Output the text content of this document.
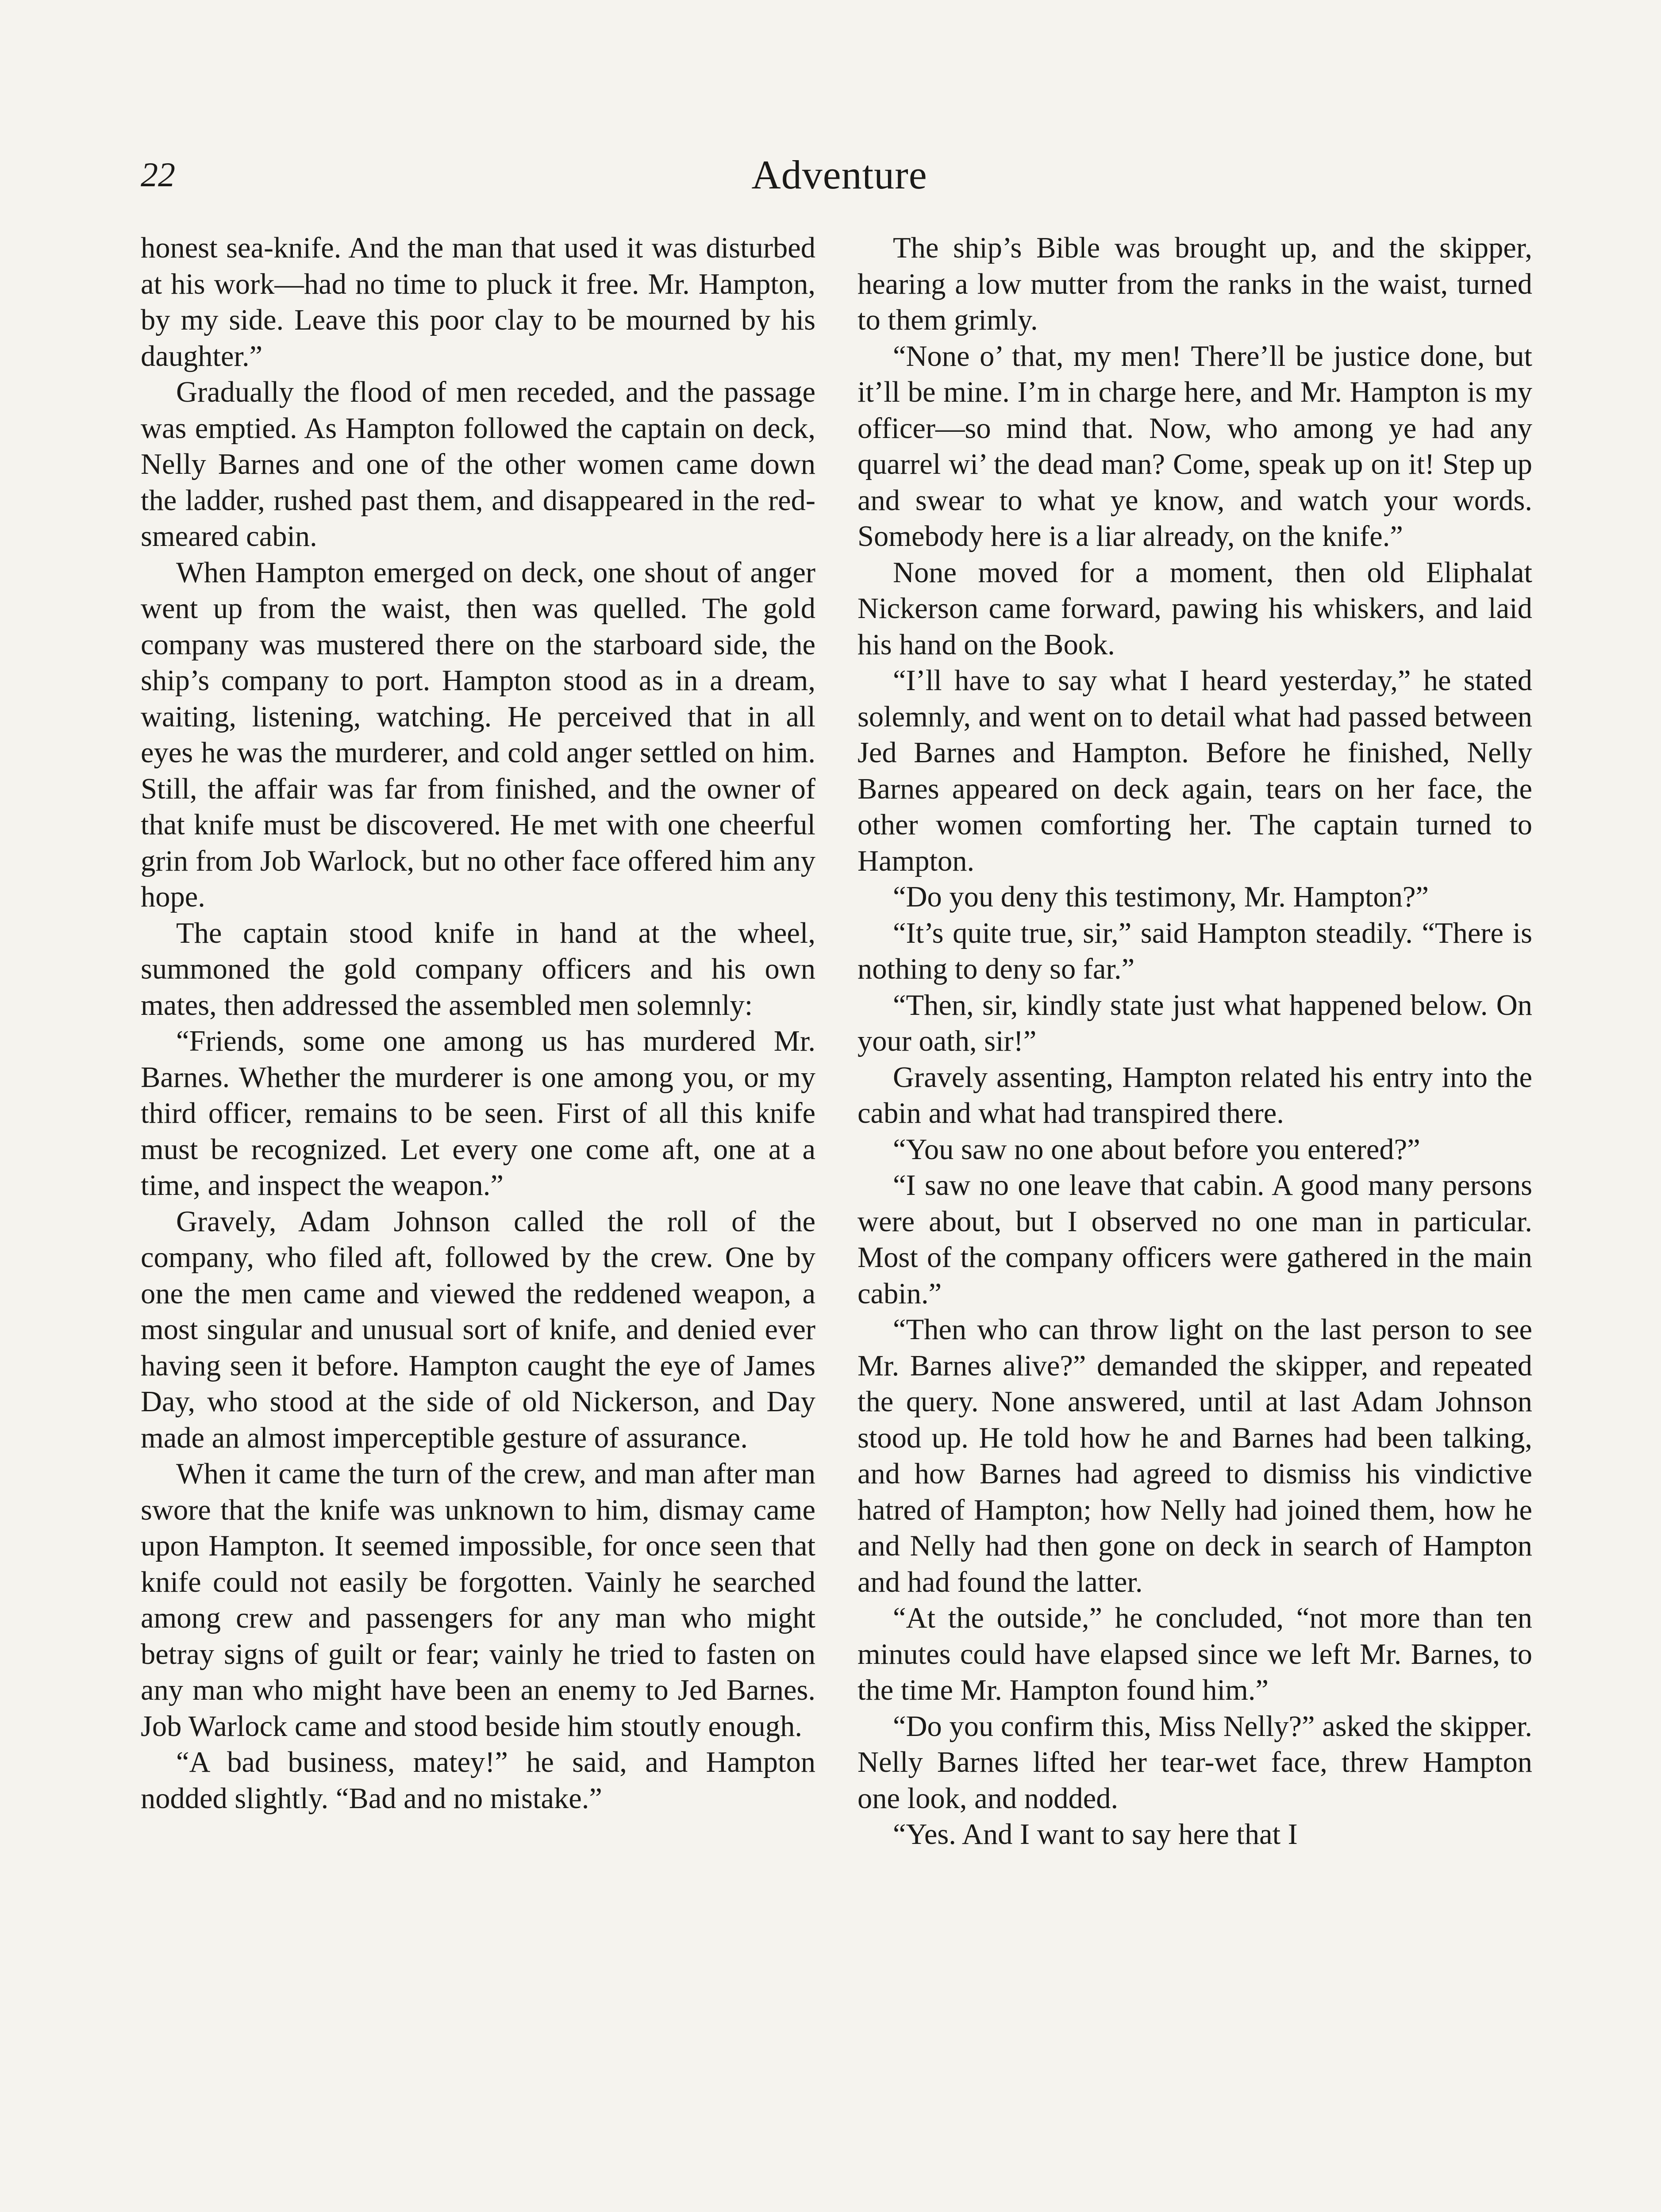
22	Adventure

honest sea-knife. And the man that used it was disturbed at his work—had no time to pluck it free. Mr. Hampton, by my side. Leave this poor clay to be mourned by his daughter.”

Gradually the flood of men receded, and the passage was emptied. As Hampton followed the captain on deck, Nelly Barnes and one of the other women came down the ladder, rushed past them, and disappeared in the red-smeared cabin.

When Hampton emerged on deck, one shout of anger went up from the waist, then was quelled. The gold company was mustered there on the starboard side, the ship’s company to port. Hampton stood as in a dream, waiting, listening, watching. He perceived that in all eyes he was the murderer, and cold anger settled on him. Still, the affair was far from finished, and the owner of that knife must be discovered. He met with one cheerful grin from Job Warlock, but no other face offered him any hope.

The captain stood knife in hand at the wheel, summoned the gold company officers and his own mates, then addressed the assembled men solemnly:

“Friends, some one among us has murdered Mr. Barnes. Whether the murderer is one among you, or my third officer, remains to be seen. First of all this knife must be recognized. Let every one come aft, one at a time, and inspect the weapon.”

Gravely, Adam Johnson called the roll of the company, who filed aft, followed by the crew. One by one the men came and viewed the reddened weapon, a most singular and unusual sort of knife, and denied ever having seen it before. Hampton caught the eye of James Day, who stood at the side of old Nickerson, and Day made an almost imperceptible gesture of assurance.

When it came the turn of the crew, and man after man swore that the knife was unknown to him, dismay came upon Hampton. It seemed impossible, for once seen that knife could not easily be forgotten. Vainly he searched among crew and passengers for any man who might betray signs of guilt or fear; vainly he tried to fasten on any man who might have been an enemy to Jed Barnes. Job Warlock came and stood beside him stoutly enough.

“A bad business, matey!” he said, and Hampton nodded slightly. “Bad and no mistake.”

The ship’s Bible was brought up, and the skipper, hearing a low mutter from the ranks in the waist, turned to them grimly.

“None o’ that, my men! There’ll be justice done, but it’ll be mine. I’m in charge here, and Mr. Hampton is my officer—so mind that. Now, who among ye had any quarrel wi’ the dead man? Come, speak up on it! Step up and swear to what ye know, and watch your words. Somebody here is a liar already, on the knife.”

None moved for a moment, then old Eliphalat Nickerson came forward, pawing his whiskers, and laid his hand on the Book.

“I’ll have to say what I heard yesterday,” he stated solemnly, and went on to detail what had passed between Jed Barnes and Hampton. Before he finished, Nelly Barnes appeared on deck again, tears on her face, the other women comforting her. The captain turned to Hampton.

“Do you deny this testimony, Mr. Hampton?”

“It’s quite true, sir,” said Hampton steadily. “There is nothing to deny so far.”

“Then, sir, kindly state just what happened below. On your oath, sir!”

Gravely assenting, Hampton related his entry into the cabin and what had transpired there.

“You saw no one about before you entered?”

“I saw no one leave that cabin. A good many persons were about, but I observed no one man in particular. Most of the company officers were gathered in the main cabin.”

“Then who can throw light on the last person to see Mr. Barnes alive?” demanded the skipper, and repeated the query. None answered, until at last Adam Johnson stood up. He told how he and Barnes had been talking, and how Barnes had agreed to dismiss his vindictive hatred of Hampton; how Nelly had joined them, how he and Nelly had then gone on deck in search of Hampton and had found the latter.

“At the outside,” he concluded, “not more than ten minutes could have elapsed since we left Mr. Barnes, to the time Mr. Hampton found him.”

“Do you confirm this, Miss Nelly?” asked the skipper. Nelly Barnes lifted her tear-wet face, threw Hampton one look, and nodded.

“Yes. And I want to say here that I
